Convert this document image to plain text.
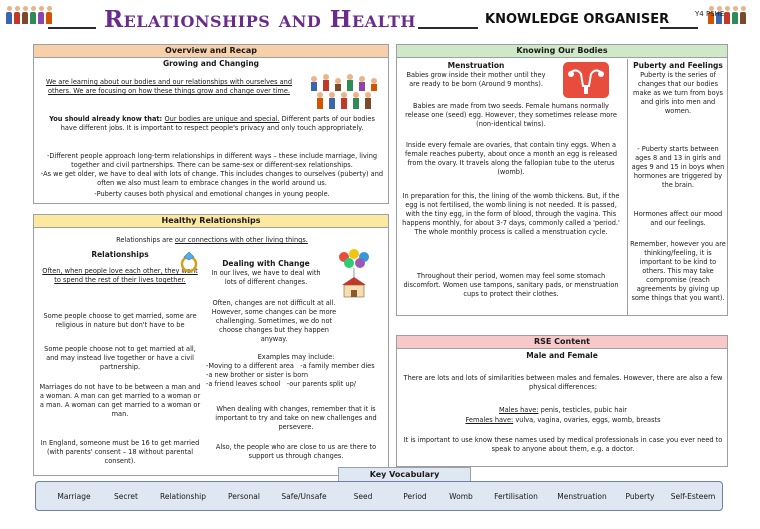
Relationships and Health	KNOWLEDGE ORGANISER	Y4 PSHE
Overview and Recap
Growing and Changing
We are learning about our bodies and our relationships with ourselves and others. We are focusing on how these things grow and change over time.
You should already know that: Our bodies are unique and special. Different parts of our bodies have different jobs. It is important to respect people's privacy and only touch appropriately.
-Different people approach long-term relationships in different ways – these include marriage, living together and civil partnerships. There can be same-sex or different-sex relationships.
-As we get older, we have to deal with lots of change. This includes changes to ourselves (puberty) and often we also must learn to embrace changes in the world around us.
-Puberty causes both physical and emotional changes in young people.
Healthy Relationships
Relationships are our connections with other living things.
Relationships
Often, when people love each other, they want to spend the rest of their lives together.
Some people choose to get married, some are religious in nature but don't have to be
Some people choose not to get married at all, and may instead live together or have a civil partnership.
Marriages do not have to be between a man and a woman. A man can get married to a woman or a man. A woman can get married to a woman or man.
In England, someone must be 16 to get married (with parents' consent – 18 without parental consent).
Dealing with Change
In our lives, we have to deal with lots of different changes.
Often, changes are not difficult at all. However, some changes can be more challenging. Sometimes, we do not choose changes but they happen anyway.
Examples may include:
-Moving to a different area -a family member dies
-a new brother or sister is born
-a friend leaves school -our parents split up/
When dealing with changes, remember that it is important to try and take on new challenges and persevere.
Also, the people who are close to us are there to support us through changes.
Knowing Our Bodies
Menstruation
Babies grow inside their mother until they are ready to be born (Around 9 months).
Babies are made from two seeds. Female humans normally release one (seed) egg. However, they sometimes release more (non-identical twins).
Inside every female are ovaries, that contain tiny eggs. When a female reaches puberty, about once a month an egg is released from the ovary. It travels along the fallopian tube to the uterus (womb).
In preparation for this, the lining of the womb thickens. But, if the egg is not fertilised, the womb lining is not needed. It is passed, with the tiny egg, in the form of blood, through the vagina. This happens monthly, for about 3-7 days, commonly called a 'period.' The whole monthly process is called a menstruation cycle.
Throughout their period, women may feel some stomach discomfort. Women use tampons, sanitary pads, or menstruation cups to protect their clothes.
Puberty and Feelings
Puberty is the series of changes that our bodies make as we turn from boys and girls into men and women.
- Puberty starts between ages 8 and 13 in girls and ages 9 and 15 in boys when hormones are triggered by the brain.
Hormones affect our mood and our feelings.
Remember, however you are thinking/feeling, it is important to be kind to others. This may take compromise (reach agreements by giving up some things that you want).
RSE Content
Male and Female
There are lots and lots of similarities between males and females. However, there are also a few physical differences:
Males have: penis, testicles, pubic hair
Females have: vulva, vagina, ovaries, eggs, womb, breasts
It is important to use know these names used by medical professionals in case you ever need to speak to anyone about them, e.g. a doctor.
Key Vocabulary
Marriage	Secret	Relationship	Personal	Safe/Unsafe	Seed	Period	Womb	Fertilisation	Menstruation	Puberty	Self-Esteem
